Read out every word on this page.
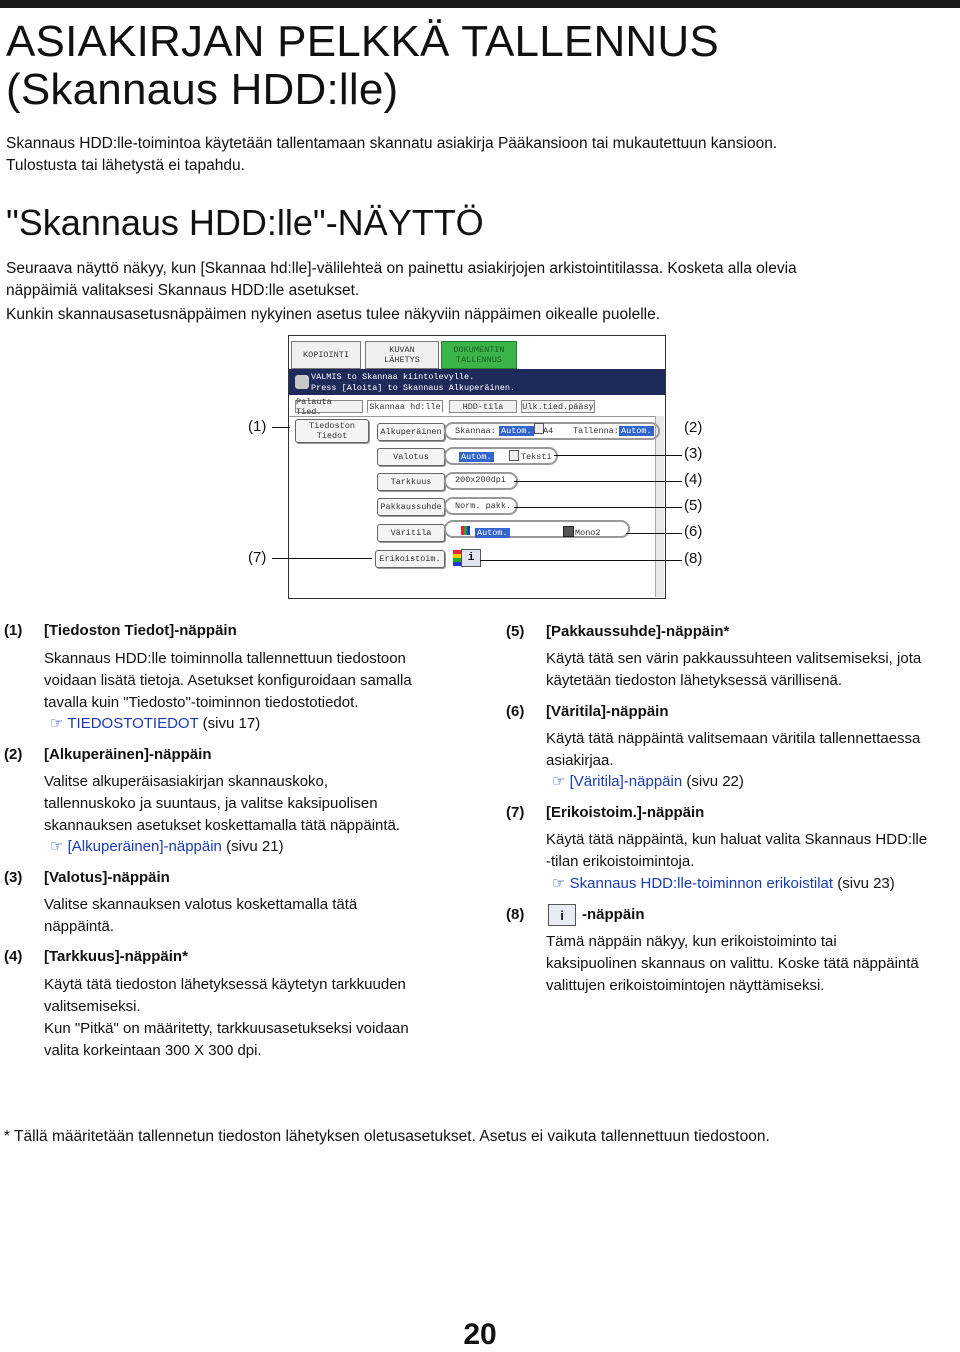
ASIAKIRJAN PELKKÄ TALLENNUS
(Skannaus HDD:lle)
Skannaus HDD:lle-toimintoa käytetään tallentamaan skannatu asiakirja Pääkansioon tai mukautettuun kansioon.
Tulostusta tai lähetystä ei tapahdu.
"Skannaus HDD:lle"-NÄYTTÖ
Seuraava näyttö näkyy, kun [Skannaa hd:lle]-välilehteä on painettu asiakirjojen arkistointitilassa. Kosketa alla olevia
näppäimiä valitaksesi Skannaus HDD:lle asetukset.
Kunkin skannausasetusnäppäimen nykyinen asetus tulee näkyviin näppäimen oikealle puolelle.
KOPIOINTI	KUVAN
LÄHETYS
DOKUMENTIN
TALLENNUS
VALMIS to Skannaa kiintolevylle.
Press [Aloita] to Skannaus Alkuperäinen.
Palauta Tied.	Skannaa hd:lle	HDD-tila Ulk.tied.pääsy
Tiedoston
Tiedot	Alkuperäinen Skannaa: Autom. A4 Tallenna: Autom.
Valotus	Autom.	Teksti
Tarkkuus	200x200dpi
Pakkaussuhde Norm. pakk.
Väritila	Autom.	Mono2
Erikoistoim. i
(1)
(7)
(2)
(3)
(4)
(5)
(6)
(8)
(1) [Tiedoston Tiedot]-näppäin
Skannaus HDD:lle toiminnolla tallennettuun tiedostoon
voidaan lisätä tietoja. Asetukset konfiguroidaan samalla
tavalla kuin "Tiedosto"-toiminnon tiedostotiedot.
☞ TIEDOSTOTIEDOT (sivu 17)
(2) [Alkuperäinen]-näppäin
Valitse alkuperäisasiakirjan skannauskoko,
tallennuskoko ja suuntaus, ja valitse kaksipuolisen
skannauksen asetukset koskettamalla tätä näppäintä.
☞ [Alkuperäinen]-näppäin (sivu 21)
(3) [Valotus]-näppäin
Valitse skannauksen valotus koskettamalla tätä
näppäintä.
(4) [Tarkkuus]-näppäin*
Käytä tätä tiedoston lähetyksessä käytetyn tarkkuuden
valitsemiseksi.
Kun "Pitkä" on määritetty, tarkkuusasetukseksi voidaan
valita korkeintaan 300 X 300 dpi.
(5) [Pakkaussuhde]-näppäin*
Käytä tätä sen värin pakkaussuhteen valitsemiseksi, jota
käytetään tiedoston lähetyksessä värillisenä.
(6) [Väritila]-näppäin
Käytä tätä näppäintä valitsemaan väritila tallennettaessa
asiakirjaa.
☞ [Väritila]-näppäin (sivu 22)
(7) [Erikoistoim.]-näppäin
Käytä tätä näppäintä, kun haluat valita Skannaus HDD:lle
-tilan erikoistoimintoja.
☞ Skannaus HDD:lle-toiminnon erikoistilat (sivu 23)
(8)	i -näppäin
Tämä näppäin näkyy, kun erikoistoiminto tai
kaksipuolinen skannaus on valittu. Koske tätä näppäintä
valittujen erikoistoimintojen näyttämiseksi.
* Tällä määritetään tallennetun tiedoston lähetyksen oletusasetukset. Asetus ei vaikuta tallennettuun tiedostoon.
20
